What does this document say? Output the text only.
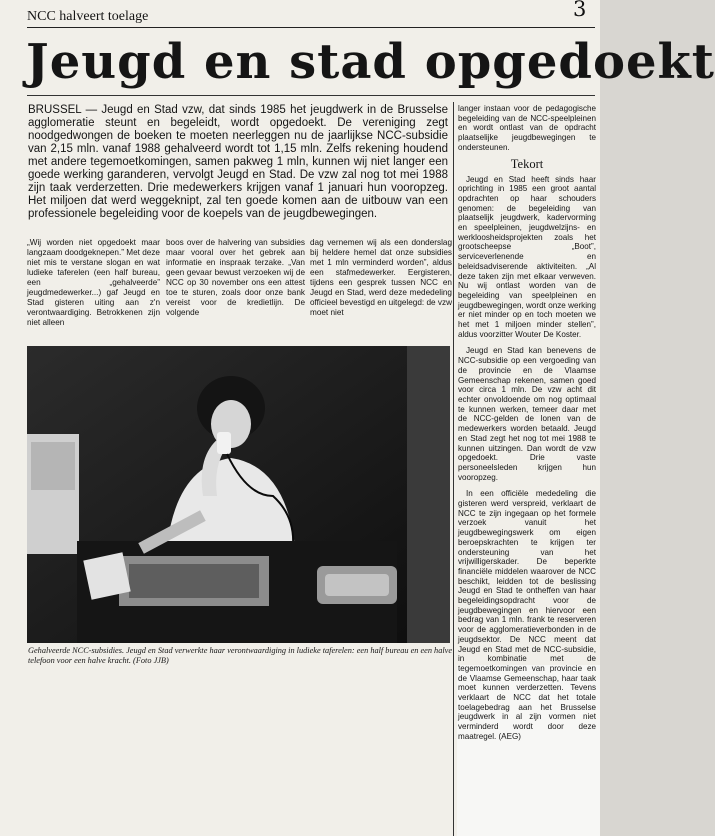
3
NCC halveert toelage
Jeugd en stad opgedoekt
BRUSSEL — Jeugd en Stad vzw, dat sinds 1985 het jeugdwerk in de Brusselse agglomeratie steunt en begeleidt, wordt opgedoekt. De vereniging zegt noodgedwongen de boeken te moeten neerleggen nu de jaarlijkse NCC-subsidie van 2,15 mln. vanaf 1988 gehalveerd wordt tot 1,15 mln. Zelfs rekening houdend met andere tegemoetkomingen, samen pakweg 1 mln, kunnen wij niet langer een goede werking garanderen, vervolgt Jeugd en Stad. De vzw zal nog tot mei 1988 zijn taak verderzetten. Drie medewerkers krijgen vanaf 1 januari hun vooropzeg. Het miljoen dat werd weggeknipt, zal ten goede komen aan de uitbouw van een professionele begeleiding voor de koepels van de jeugdbewegingen.
„Wij worden niet opgedoekt maar langzaam doodgeknepen.” Met deze niet mis te verstane slogan en wat ludieke taferelen (een half bureau, een „gehalveerde” jeugdmedewerker...) gaf Jeugd en Stad gisteren uiting aan z'n verontwaardiging. Betrokkenen zijn niet alleen
boos over de halvering van subsidies maar vooral over het gebrek aan informatie en inspraak terzake. „Van geen gevaar bewust verzoeken wij de NCC op 30 november ons een attest toe te sturen, zoals door onze bank vereist voor de kredietlijn. De volgende
dag vernemen wij als een donderslag bij heldere hemel dat onze subsidies met 1 mln verminderd worden”, aldus een stafmedewerker. Eergisteren, tijdens een gesprek tussen NCC en Jeugd en Stad, werd deze mededeling officieel bevestigd en uitgelegd: de vzw moet niet
Gehalveerde NCC-subsidies. Jeugd en Stad verwerkte haar verontwaardiging in ludieke taferelen: een half bureau en een halve telefoon voor een halve kracht. (Foto JJB)

langer instaan voor de pedagogische begeleiding van de NCC-speelpleinen en wordt ontlast van de opdracht plaatselijke jeugdbewegingen te ondersteunen.

Tekort

Jeugd en Stad heeft sinds haar oprichting in 1985 een groot aantal opdrachten op haar schouders genomen: de begeleiding van plaatselijk jeugdwerk, kadervorming en speelpleinen, jeugdwelzijns- en werkloosheidsprojekten zoals het grootscheepse „Boot”, serviceverlenende en beleidsadviserende aktiviteiten. „Al deze taken zijn met elkaar verweven. Nu wij ontlast worden van de begeleiding van speelpleinen en jeugdbewegingen, wordt onze werking er niet minder op en toch moeten we het met 1 miljoen minder stellen”, aldus voorzitter Wouter De Koster.

Jeugd en Stad kan benevens de NCC-subsidie op een vergoeding van de provincie en de Vlaamse Gemeenschap rekenen, samen goed voor circa 1 mln. De vzw acht dit echter onvoldoende om nog optimaal te kunnen werken, temeer daar met de NCC-gelden de lonen van de medewerkers worden betaald. Jeugd en Stad zegt het nog tot mei 1988 te kunnen uitzingen. Dan wordt de vzw opgedoekt. Drie vaste personeelsleden krijgen hun vooropzeg.

In een officiële mededeling die gisteren werd verspreid, verklaart de NCC te zijn ingegaan op het formele verzoek vanuit het jeugdbewegingswerk om eigen beroepskrachten te krijgen ter ondersteuning van het vrijwilligerskader. De beperkte financiële middelen waarover de NCC beschikt, leidden tot de beslissing Jeugd en Stad te ontheffen van haar begeleidingsopdracht voor de jeugdbewegingen en hiervoor een bedrag van 1 mln. frank te reserveren voor de agglomeratieverbonden in de jeugdsektor. De NCC meent dat Jeugd en Stad met de NCC-subsidie, in kombinatie met de tegemoetkomingen van provincie en de Vlaamse Gemeenschap, haar taak moet kunnen verderzetten. Tevens verklaart de NCC dat het totale toelagebedrag aan het Brusselse jeugdwerk in al zijn vormen niet verminderd wordt door deze maatregel. (AEG)
